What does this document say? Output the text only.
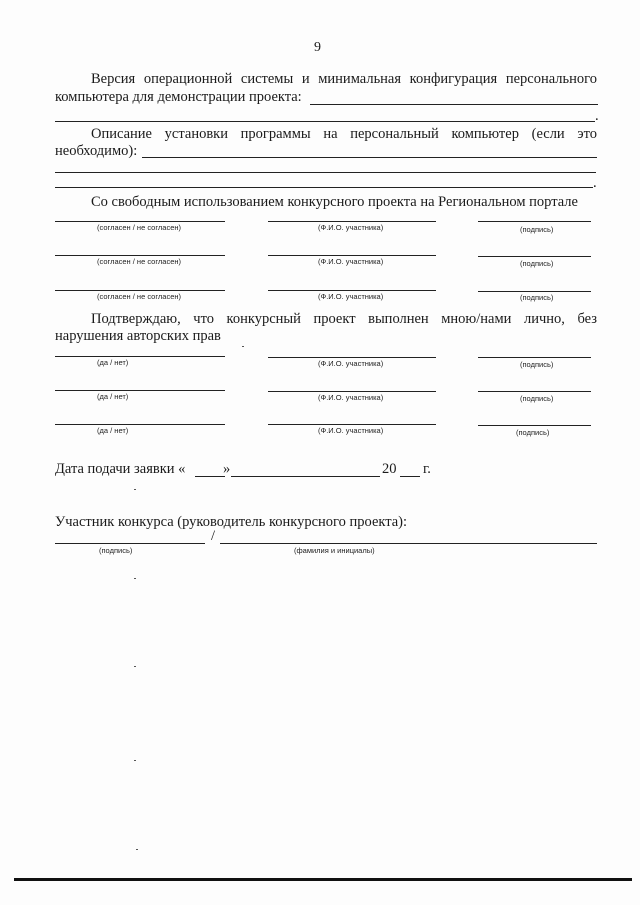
9
Версия операционной системы и минимальная конфигурация персонального
компьютера для демонстрации проекта:
.
Описание установки программы на персональный компьютер (если это
необходимо):
.
Со свободным использованием конкурсного проекта на Региональном портале
(согласен / не согласен)	(Ф.И.О. участника)	(подпись)
(согласен / не согласен)	(Ф.И.О. участника)	(подпись)
(согласен / не согласен)	(Ф.И.О. участника)	(подпись)
Подтверждаю, что конкурсный проект выполнен мною/нами лично, без
нарушения авторских прав
(да / нет)	(Ф.И.О. участника)	(подпись)
(да / нет)	(Ф.И.О. участника)	(подпись)
(да / нет)	(Ф.И.О. участника)	(подпись)
Дата подачи заявки «	»	20 г.
Участник конкурса (руководитель конкурсного проекта):
/
(подпись)	(фамилия и инициалы)
